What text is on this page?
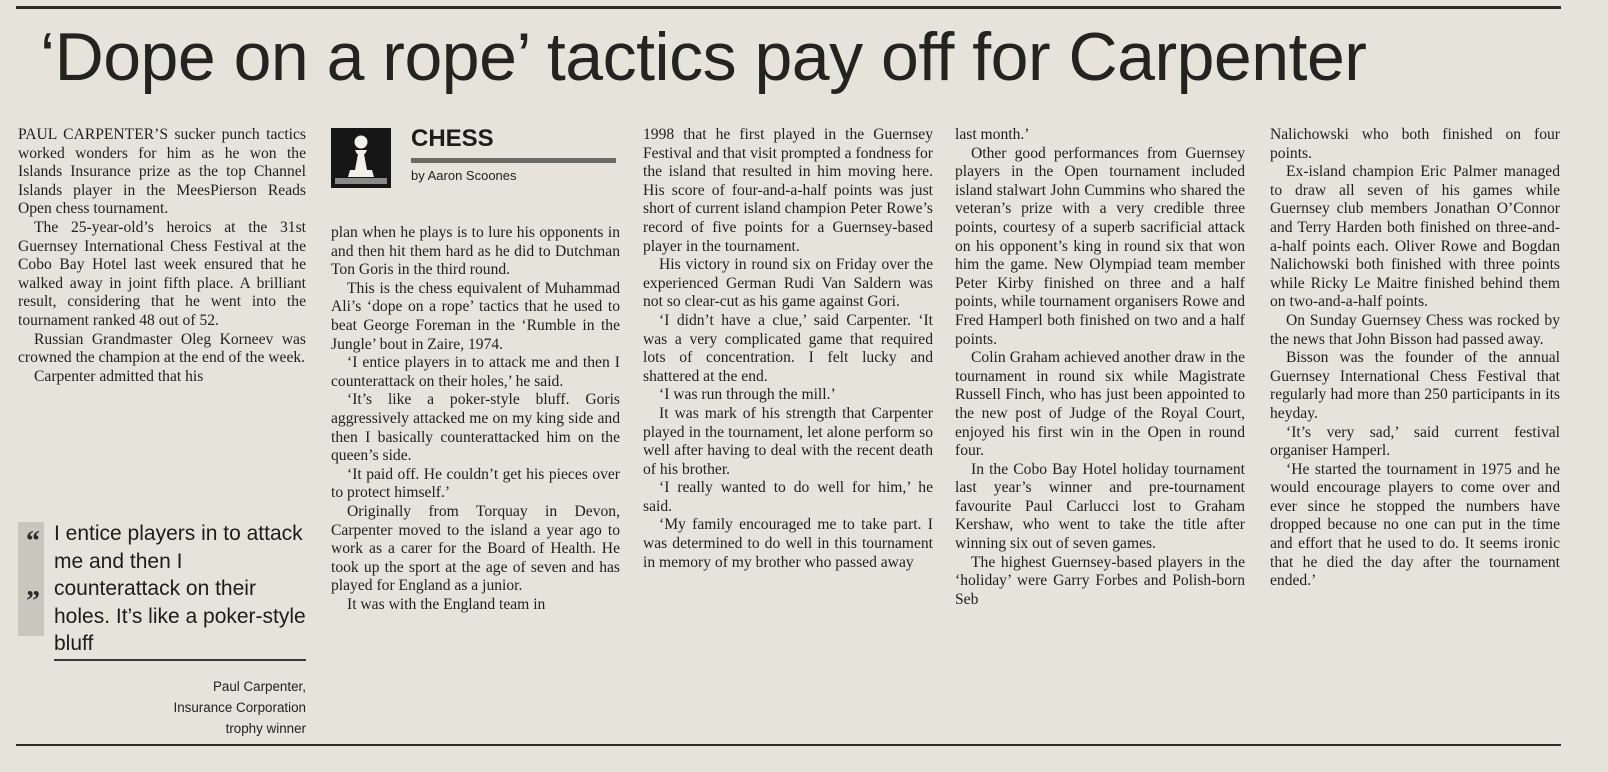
‘Dope on a rope’ tactics pay off for Carpenter
CHESS
by Aaron Scoones

PAUL CARPENTER’S sucker punch tactics worked wonders for him as he won the Islands Insurance prize as the top Channel Islands player in the MeesPierson Reads Open chess tournament.

The 25-year-old’s heroics at the 31st Guernsey International Chess Festival at the Cobo Bay Hotel last week ensured that he walked away in joint fifth place. A brilliant result, considering that he went into the tournament ranked 48 out of 52.

Russian Grandmaster Oleg Korneev was crowned the champion at the end of the week.

Carpenter admitted that his

“
”
I entice players in to attack me and then I counterattack on their holes. It’s like a poker-style bluff
Paul Carpenter,
Insurance Corporation
trophy winner

plan when he plays is to lure his opponents in and then hit them hard as he did to Dutchman Ton Goris in the third round.

This is the chess equivalent of Muhammad Ali’s ‘dope on a rope’ tactics that he used to beat George Foreman in the ‘Rumble in the Jungle’ bout in Zaire, 1974.

‘I entice players in to attack me and then I counterattack on their holes,’ he said.

‘It’s like a poker-style bluff. Goris aggressively attacked me on my king side and then I basically counterattacked him on the queen’s side.

‘It paid off. He couldn’t get his pieces over to protect himself.’

Originally from Torquay in Devon, Carpenter moved to the island a year ago to work as a carer for the Board of Health. He took up the sport at the age of seven and has played for England as a junior.

It was with the England team in

1998 that he first played in the Guernsey Festival and that visit prompted a fondness for the island that resulted in him moving here. His score of four-and-a-half points was just short of current island champion Peter Rowe’s record of five points for a Guernsey-based player in the tournament.

His victory in round six on Friday over the experienced German Rudi Van Saldern was not so clear-cut as his game against Gori.

‘I didn’t have a clue,’ said Carpenter. ‘It was a very complicated game that required lots of concentration. I felt lucky and shattered at the end.

‘I was run through the mill.’

It was mark of his strength that Carpenter played in the tournament, let alone perform so well after having to deal with the recent death of his brother.

‘I really wanted to do well for him,’ he said.

‘My family encouraged me to take part. I was determined to do well in this tournament in memory of my brother who passed away

last month.’

Other good performances from Guernsey players in the Open tournament included island stalwart John Cummins who shared the veteran’s prize with a very credible three points, courtesy of a superb sacrificial attack on his opponent’s king in round six that won him the game. New Olympiad team member Peter Kirby finished on three and a half points, while tournament organisers Rowe and Fred Hamperl both finished on two and a half points.

Colin Graham achieved another draw in the tournament in round six while Magistrate Russell Finch, who has just been appointed to the new post of Judge of the Royal Court, enjoyed his first win in the Open in round four.

In the Cobo Bay Hotel holiday tournament last year’s winner and pre-tournament favourite Paul Carlucci lost to Graham Kershaw, who went to take the title after winning six out of seven games.

The highest Guernsey-based players in the ‘holiday’ were Garry Forbes and Polish-born Seb

Nalichowski who both finished on four points.

Ex-island champion Eric Palmer managed to draw all seven of his games while Guernsey club members Jonathan O’Connor and Terry Harden both finished on three-and-a-half points each. Oliver Rowe and Bogdan Nalichowski both finished with three points while Ricky Le Maitre finished behind them on two-and-a-half points.

On Sunday Guernsey Chess was rocked by the news that John Bisson had passed away.

Bisson was the founder of the annual Guernsey International Chess Festival that regularly had more than 250 participants in its heyday.

‘It’s very sad,’ said current festival organiser Hamperl.

‘He started the tournament in 1975 and he would encourage players to come over and ever since he stopped the numbers have dropped because no one can put in the time and effort that he used to do. It seems ironic that he died the day after the tournament ended.’
